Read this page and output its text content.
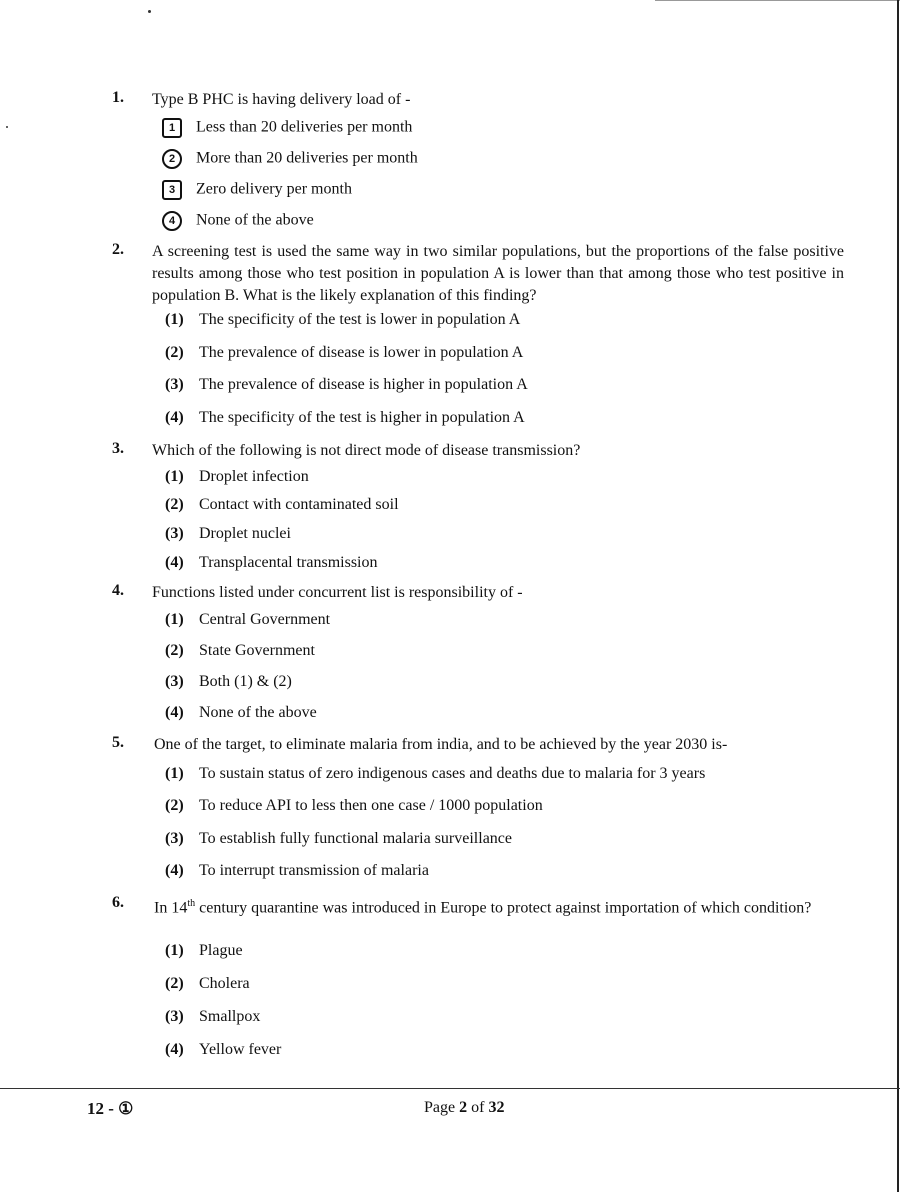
1. Type B PHC is having delivery load of -
1 Less than 20 deliveries per month
2 More than 20 deliveries per month
3 Zero delivery per month
4 None of the above
2. A screening test is used the same way in two similar populations, but the proportions of the false positive results among those who test position in population A is lower than that among those who test positive in population B. What is the likely explanation of this finding?
(1) The specificity of the test is lower in population A
(2) The prevalence of disease is lower in population A
(3) The prevalence of disease is higher in population A
(4) The specificity of the test is higher in population A
3. Which of the following is not direct mode of disease transmission?
(1) Droplet infection
(2) Contact with contaminated soil
(3) Droplet nuclei
(4) Transplacental transmission
4. Functions listed under concurrent list is responsibility of -
(1) Central Government
(2) State Government
(3) Both (1) & (2)
(4) None of the above
5. One of the target, to eliminate malaria from india, and to be achieved by the year 2030 is-
(1) To sustain status of zero indigenous cases and deaths due to malaria for 3 years
(2) To reduce API to less then one case / 1000 population
(3) To establish fully functional malaria surveillance
(4) To interrupt transmission of malaria
6. In 14th century quarantine was introduced in Europe to protect against importation of which condition?
(1) Plague
(2) Cholera
(3) Smallpox
(4) Yellow fever
12 - ①	Page 2 of 32
